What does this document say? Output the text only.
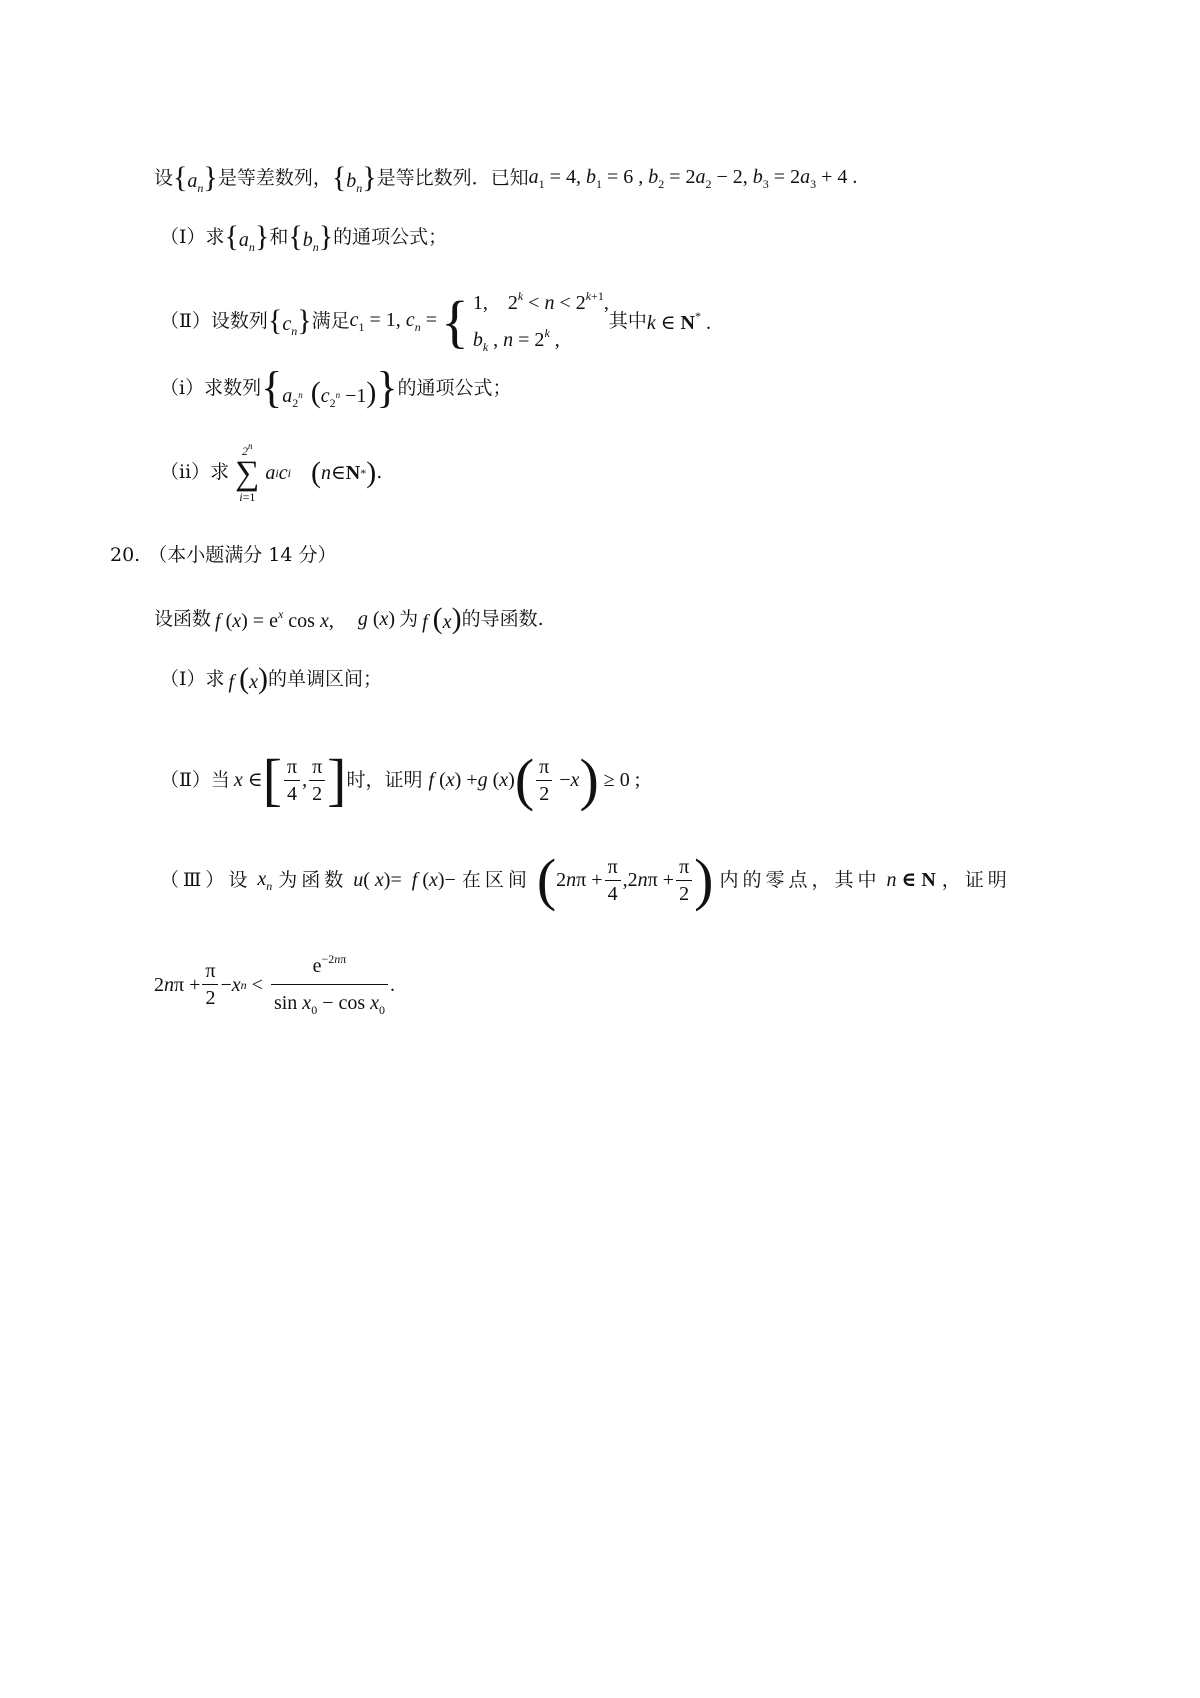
设 $\{a_n\}$ 是等差数列， $\{b_n\}$ 是等比数列．已知 $a_1 = 4$, $b_1 = 6$ , $b_2 = 2a_2 - 2$, $b_3 = 2a_3 + 4$ .
（Ⅰ）求 $\{a_n\}$ 和 $\{b_n\}$ 的通项公式；
（Ⅱ）设数列 $\{c_n\}$ 满足 $c_1 = 1$, $c_n$ = { 1, $2^k < n < 2^{k+1}$,
$b_k$ , $n = 2^k$ ,
其中 k ∈ N* .
（i）求数列 {$a_{2^n}$ $(c_{2^n} -1)$} 的通项公式；
（ii）求
2$^n$
∑
i=1
a i c i ( n ∈ N * ) .
20. （本小题满分 14 分）
设函数 f $(x) = e^x$ cos x, g (x) 为 f (x) 的导函数.
（Ⅰ）求 f (x) 的单调区间；
（Ⅱ）当 x ∈ [ $\frac{\pi}{4}$ , $\frac{\pi}{2}$ ] 时，证明 f ( x ) + g ( x ) ( $\frac{\pi}{2} - x$ ) ≥ 0 ;
（Ⅲ）设 $x_n$ 为函数 u( x)=  f (x)− 在区间 ( 2 n $\pi + \frac{\pi}{4} ,2$ n $\pi + \frac{\pi}{2}$ ) 内的零点，其中 n ∈ N ，证明
2 n $\pi + \frac{\pi}{2} - x$ $n < \frac{e^{-2n\pi}}{\sin x_0 - \cos x_0}$ .
